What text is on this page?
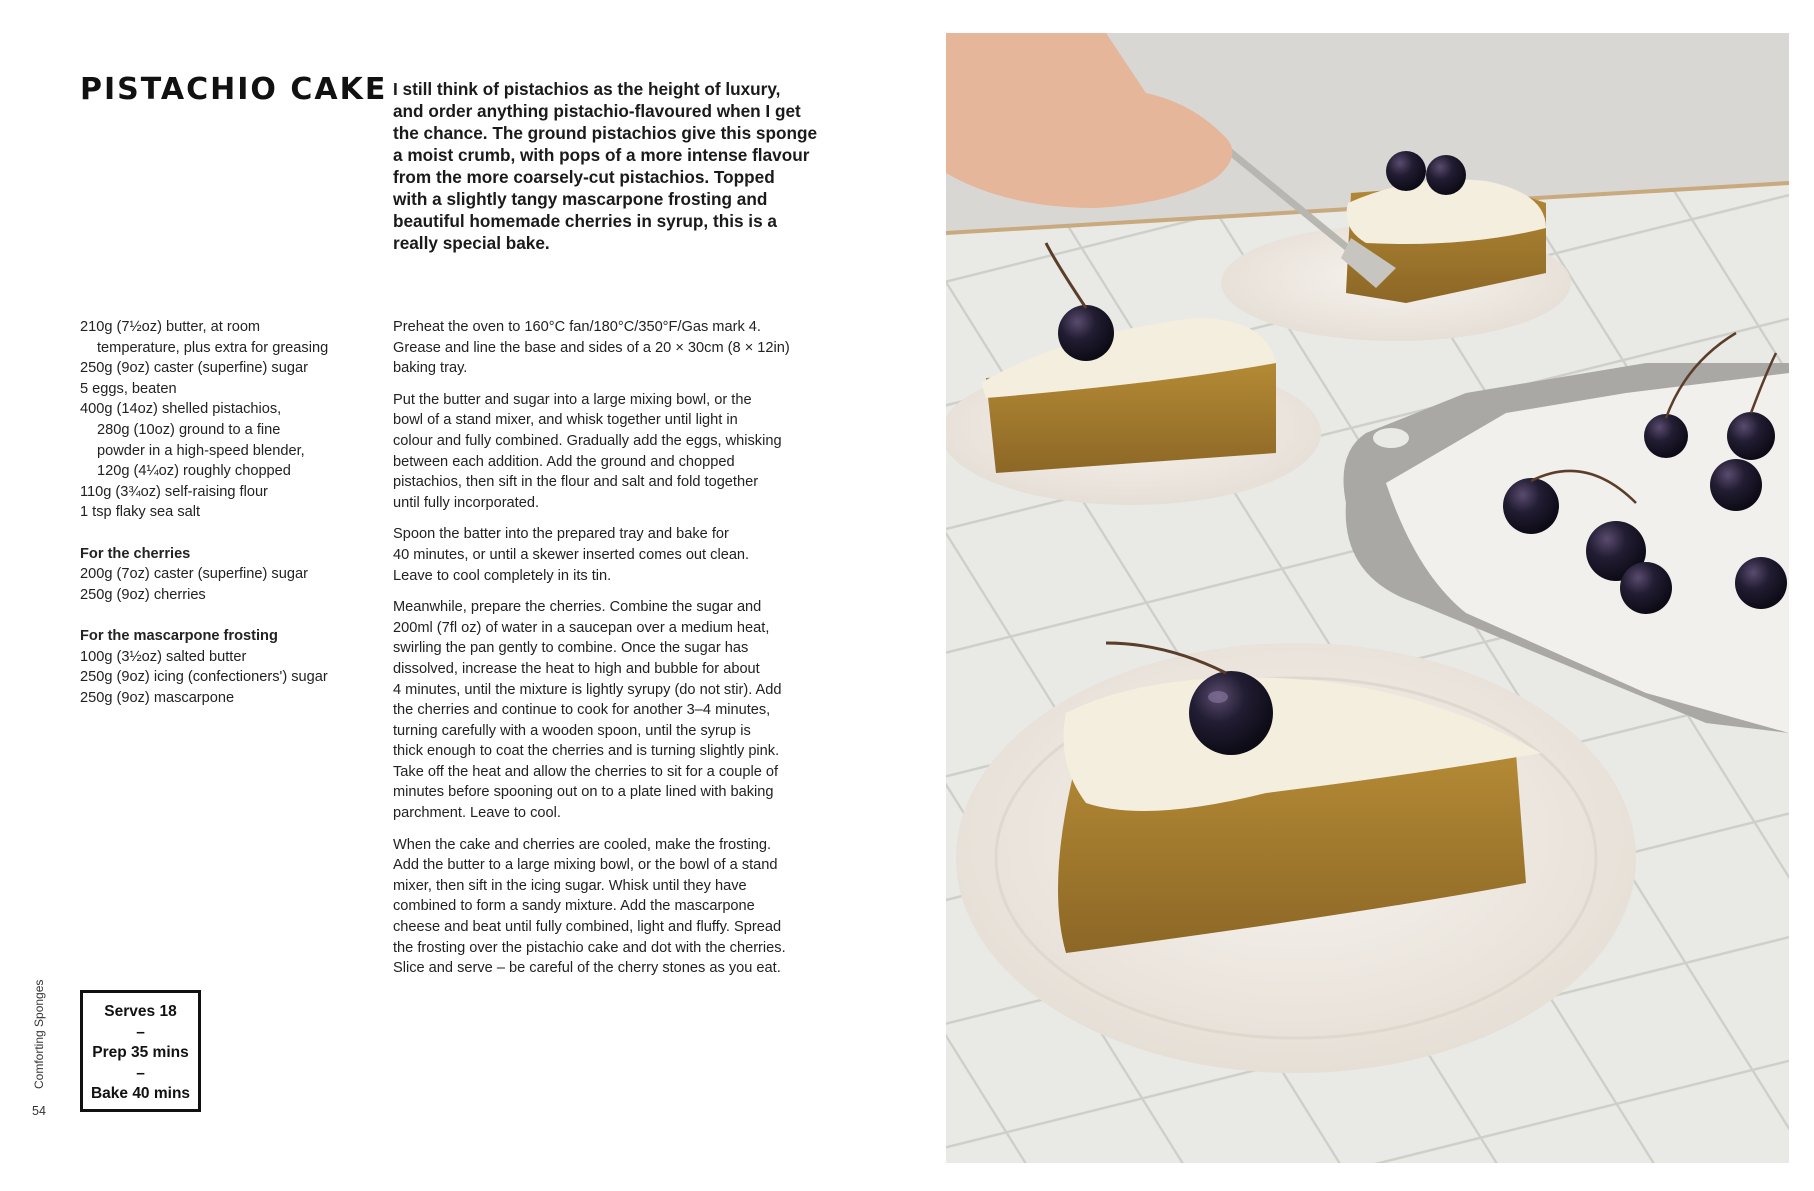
PISTACHIO CAKE I still think of pistachios as the height of luxury,
and order anything pistachio-flavoured when I get
the chance. The ground pistachios give this sponge
a moist crumb, with pops of a more intense flavour
from the more coarsely-cut pistachios. Topped
with a slightly tangy mascarpone frosting and
beautiful homemade cherries in syrup, this is a
really special bake.
210g (7½oz) butter, at room
temperature, plus extra for greasing
250g (9oz) caster (superfine) sugar
5 eggs, beaten
400g (14oz) shelled pistachios,
280g (10oz) ground to a fine
powder in a high-speed blender,
120g (4¼oz) roughly chopped
110g (3¾oz) self-raising flour
1 tsp flaky sea salt
For the cherries
200g (7oz) caster (superfine) sugar
250g (9oz) cherries
For the mascarpone frosting
100g (3½oz) salted butter
250g (9oz) icing (confectioners') sugar
250g (9oz) mascarpone

Preheat the oven to 160°C fan/180°C/350°F/Gas mark 4.
Grease and line the base and sides of a 20 × 30cm (8 × 12in)
baking tray.

Put the butter and sugar into a large mixing bowl, or the
bowl of a stand mixer, and whisk together until light in
colour and fully combined. Gradually add the eggs, whisking
between each addition. Add the ground and chopped
pistachios, then sift in the flour and salt and fold together
until fully incorporated.

Spoon the batter into the prepared tray and bake for
40 minutes, or until a skewer inserted comes out clean.
Leave to cool completely in its tin.

Meanwhile, prepare the cherries. Combine the sugar and
200ml (7fl oz) of water in a saucepan over a medium heat,
swirling the pan gently to combine. Once the sugar has
dissolved, increase the heat to high and bubble for about
4 minutes, until the mixture is lightly syrupy (do not stir). Add
the cherries and continue to cook for another 3–4 minutes,
turning carefully with a wooden spoon, until the syrup is
thick enough to coat the cherries and is turning slightly pink.
Take off the heat and allow the cherries to sit for a couple of
minutes before spooning out on to a plate lined with baking
parchment. Leave to cool.

When the cake and cherries are cooled, make the frosting.
Add the butter to a large mixing bowl, or the bowl of a stand
mixer, then sift in the icing sugar. Whisk until they have
combined to form a sandy mixture. Add the mascarpone
cheese and beat until fully combined, light and fluffy. Spread
the frosting over the pistachio cake and dot with the cherries.
Slice and serve – be careful of the cherry stones as you eat.

Serves 18
–
Prep 35 mins
–
Bake 40 mins
Comforting Sponges
54
